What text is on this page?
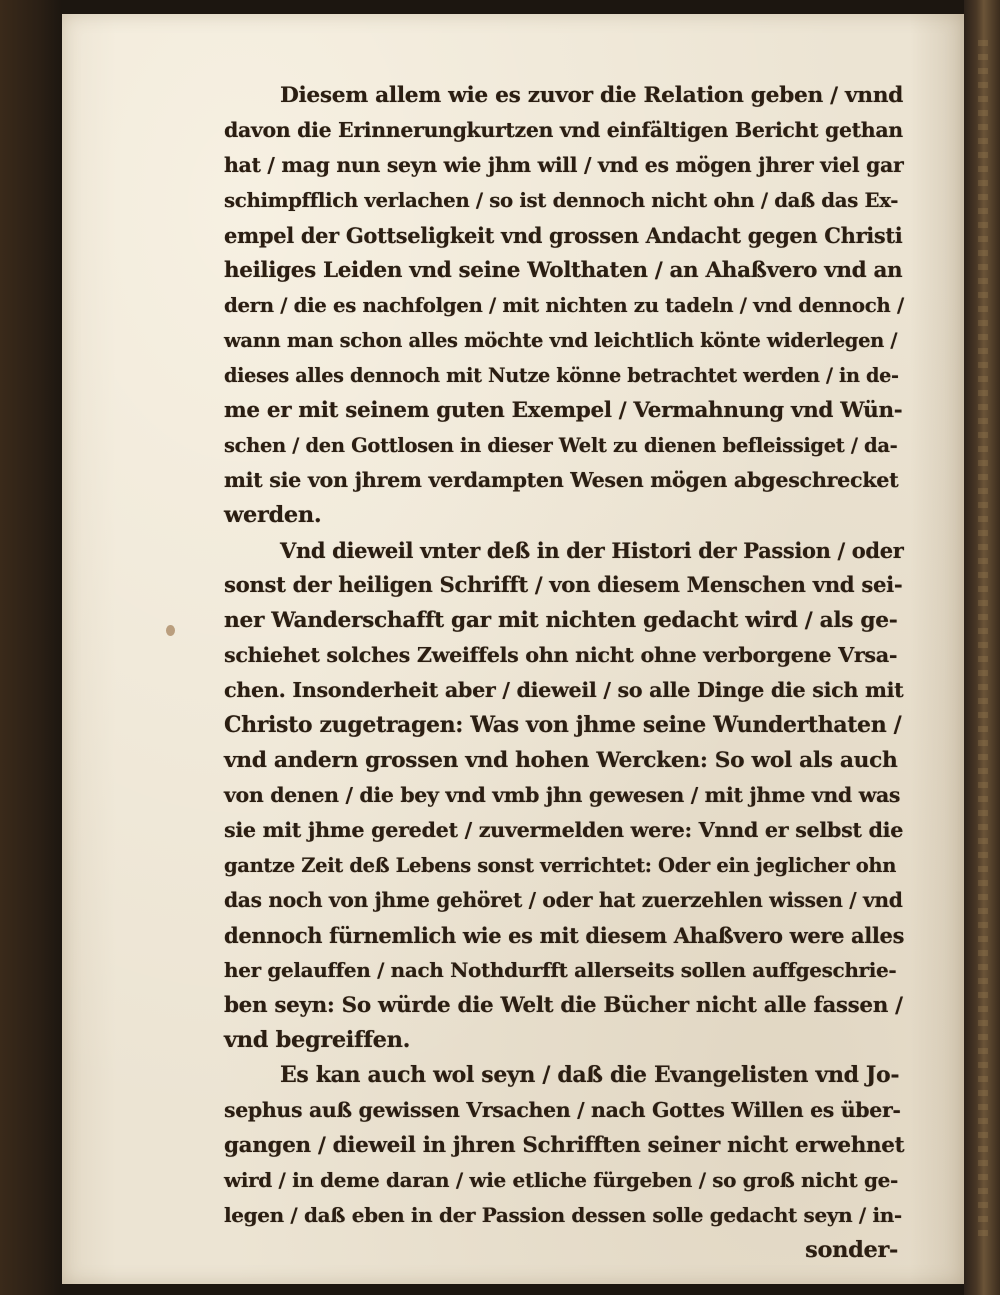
Diesem allem wie es zuvor die Relation geben / vnnd
davon die Erinnerungkurtzen vnd einfältigen Bericht gethan
hat / mag nun seyn wie jhm will / vnd es mögen jhrer viel gar
schimpfflich verlachen / so ist dennoch nicht ohn / daß das Ex-
empel der Gottseligkeit vnd grossen Andacht gegen Christi
heiliges Leiden vnd seine Wolthaten / an Ahaßvero vnd an
dern / die es nachfolgen / mit nichten zu tadeln / vnd dennoch /
wann man schon alles möchte vnd leichtlich könte widerlegen /
dieses alles dennoch mit Nutze könne betrachtet werden / in de-
me er mit seinem guten Exempel / Vermahnung vnd Wün-
schen / den Gottlosen in dieser Welt zu dienen befleissiget / da-
mit sie von jhrem verdampten Wesen mögen abgeschrecket
werden.
Vnd dieweil vnter deß in der Histori der Passion / oder
sonst der heiligen Schrifft / von diesem Menschen vnd sei-
ner Wanderschafft gar mit nichten gedacht wird / als ge-
schiehet solches Zweiffels ohn nicht ohne verborgene Vrsa-
chen. Insonderheit aber / dieweil / so alle Dinge die sich mit
Christo zugetragen: Was von jhme seine Wunderthaten /
vnd andern grossen vnd hohen Wercken: So wol als auch
von denen / die bey vnd vmb jhn gewesen / mit jhme vnd was
sie mit jhme geredet / zuvermelden were: Vnnd er selbst die
gantze Zeit deß Lebens sonst verrichtet: Oder ein jeglicher ohn
das noch von jhme gehöret / oder hat zuerzehlen wissen / vnd
dennoch fürnemlich wie es mit diesem Ahaßvero were alles
her gelauffen / nach Nothdurfft allerseits sollen auffgeschrie-
ben seyn: So würde die Welt die Bücher nicht alle fassen /
vnd begreiffen.
Es kan auch wol seyn / daß die Evangelisten vnd Jo-
sephus auß gewissen Vrsachen / nach Gottes Willen es über-
gangen / dieweil in jhren Schrifften seiner nicht erwehnet
wird / in deme daran / wie etliche fürgeben / so groß nicht ge-
legen / daß eben in der Passion dessen solle gedacht seyn / in-
sonder-
